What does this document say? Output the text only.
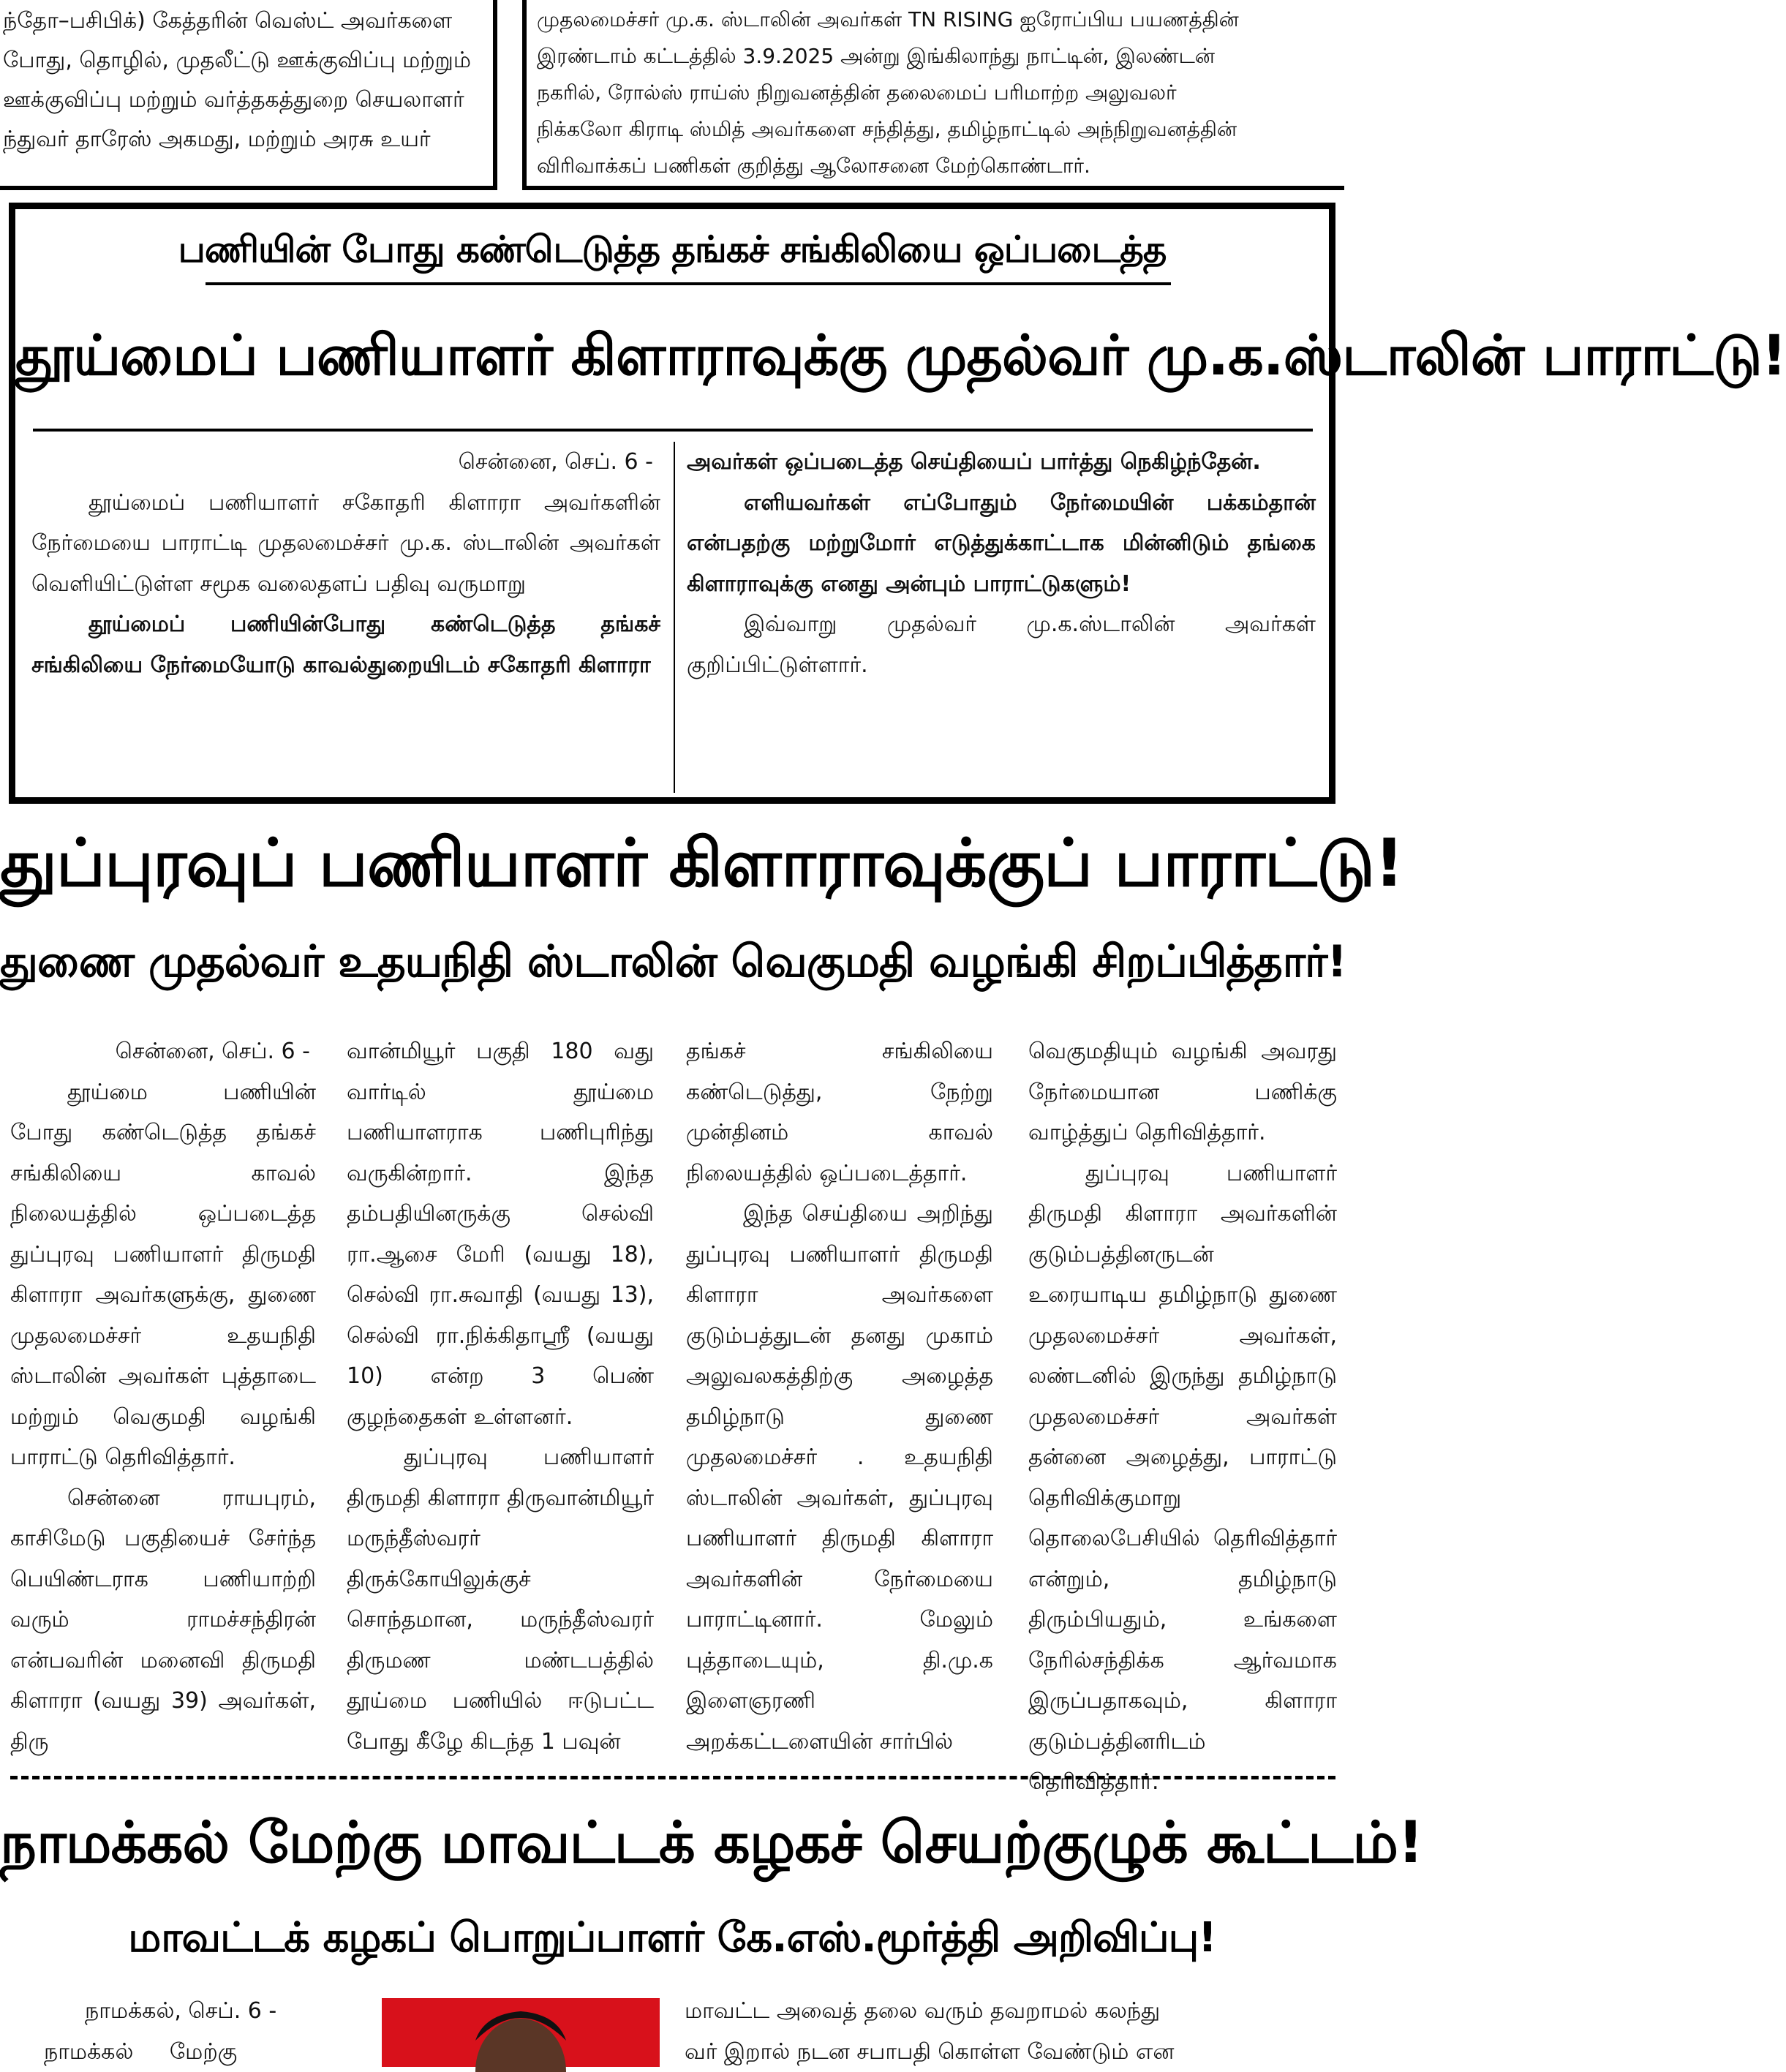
ந்தோ–பசிபிக்) கேத்தரின் வெஸ்ட் அவர்களை
போது, தொழில், முதலீட்டு ஊக்குவிப்பு மற்றும்
ஊக்குவிப்பு மற்றும் வர்த்தகத்துறை செயலாளர்
ந்துவர் தாரேஸ் அகமது, மற்றும் அரசு உயர்
முதலமைச்சர் மு.க. ஸ்டாலின் அவர்கள் TN RISING ஐரோப்பிய பயணத்தின்
இரண்டாம் கட்டத்தில் 3.9.2025 அன்று இங்கிலாந்து நாட்டின், இலண்டன்
நகரில், ரோல்ஸ் ராய்ஸ் நிறுவனத்தின் தலைமைப் பரிமாற்ற அலுவலர்
நிக்கலோ கிராடி ஸ்மித் அவர்களை சந்தித்து, தமிழ்நாட்டில் அந்நிறுவனத்தின்
விரிவாக்கப் பணிகள் குறித்து ஆலோசனை மேற்கொண்டார்.
பணியின் போது கண்டெடுத்த தங்கச் சங்கிலியை ஒப்படைத்த
தூய்மைப் பணியாளர் கிளாராவுக்கு முதல்வர் மு.க.ஸ்டாலின் பாராட்டு!

சென்னை, செப். 6 -

தூய்மைப் பணியாளர் சகோதரி கிளாரா அவர்களின் நேர்மையை பாராட்டி முதலமைச்சர் மு.க. ஸ்டாலின் அவர்கள் வெளியிட்டுள்ள சமூக வலைதளப் பதிவு வருமாறு

தூய்மைப் பணியின்போது கண்டெடுத்த தங்கச் சங்கிலியை நேர்மையோடு காவல்துறையிடம் சகோதரி கிளாரா

அவர்கள் ஒப்படைத்த செய்தியைப் பார்த்து நெகிழ்ந்தேன்.

எளியவர்கள் எப்போதும் நேர்மையின் பக்கம்தான் என்பதற்கு மற்றுமோர் எடுத்துக்காட்டாக மின்னிடும் தங்கை கிளாராவுக்கு எனது அன்பும் பாராட்டுகளும்!

இவ்வாறு முதல்வர் மு.க.ஸ்டாலின் அவர்கள் குறிப்பிட்டுள்ளார்.

துப்புரவுப் பணியாளர் கிளாராவுக்குப் பாராட்டு!
துணை முதல்வர் உதயநிதி ஸ்டாலின் வெகுமதி வழங்கி சிறப்பித்தார்!

சென்னை, செப். 6 -

தூய்மை பணியின் போது கண்டெடுத்த தங்கச் சங்கிலியை காவல் நிலையத்தில் ஒப்படைத்த துப்புரவு பணியாளர் திருமதி கிளாரா அவர்களுக்கு, துணை முதலமைச்சர் உதயநிதி ஸ்டாலின் அவர்கள் புத்தாடை மற்றும் வெகுமதி வழங்கி பாராட்டு தெரிவித்தார்.

சென்னை ராயபுரம், காசிமேடு பகுதியைச் சேர்ந்த பெயிண்டராக பணியாற்றி வரும் ராமச்சந்திரன் என்பவரின் மனைவி திருமதி கிளாரா (வயது 39) அவர்கள், திரு

வான்மியூர் பகுதி 180 வது வார்டில் தூய்மை பணியாளராக பணிபுரிந்து வருகின்றார். இந்த தம்பதியினருக்கு செல்வி ரா.ஆசை மேரி (வயது 18), செல்வி ரா.சுவாதி (வயது 13), செல்வி ரா.நிக்கிதாஸ்ரீ (வயது 10) என்ற 3 பெண் குழந்தைகள் உள்ளனர்.

துப்புரவு பணியாளர் திருமதி கிளாரா திருவான்மியூர் மருந்தீஸ்வரர் திருக்கோயிலுக்குச் சொந்தமான, மருந்தீஸ்வரர் திருமண மண்டபத்தில் தூய்மை பணியில் ஈடுபட்ட போது கீழே கிடந்த 1 பவுன்

தங்கச் சங்கிலியை கண்டெடுத்து, நேற்று முன்தினம் காவல் நிலையத்தில் ஒப்படைத்தார்.

இந்த செய்தியை அறிந்து துப்புரவு பணியாளர் திருமதி கிளாரா அவர்களை குடும்பத்துடன் தனது முகாம் அலுவலகத்திற்கு அழைத்த தமிழ்நாடு துணை முதலமைச்சர் . உதயநிதி ஸ்டாலின் அவர்கள், துப்புரவு பணியாளர் திருமதி கிளாரா அவர்களின் நேர்மையை பாராட்டினார். மேலும் புத்தாடையும், தி.மு.க இளைஞரணி அறக்கட்டளையின் சார்பில்

வெகுமதியும் வழங்கி அவரது நேர்மையான பணிக்கு வாழ்த்துப் தெரிவித்தார்.

துப்புரவு பணியாளர் திருமதி கிளாரா அவர்களின் குடும்பத்தினருடன் உரையாடிய தமிழ்நாடு துணை முதலமைச்சர் அவர்கள், லண்டனில் இருந்து தமிழ்நாடு முதலமைச்சர் அவர்கள் தன்னை அழைத்து, பாராட்டு தெரிவிக்குமாறு தொலைபேசியில் தெரிவித்தார் என்றும், தமிழ்நாடு திரும்பியதும், உங்களை நேரில்சந்திக்க ஆர்வமாக இருப்பதாகவும், கிளாரா குடும்பத்தினரிடம் தெரிவித்தார்.

நாமக்கல் மேற்கு மாவட்டக் கழகச் செயற்குழுக் கூட்டம்!
மாவட்டக் கழகப் பொறுப்பாளர் கே.எஸ்.மூர்த்தி அறிவிப்பு!

நாமக்கல், செப். 6 -

நாமக்கல் மேற்கு

மாவட்ட அவைத் தலை வரும் தவறாமல் கலந்து

வர் இறால் நடன சபாபதி கொள்ள வேண்டும் என
